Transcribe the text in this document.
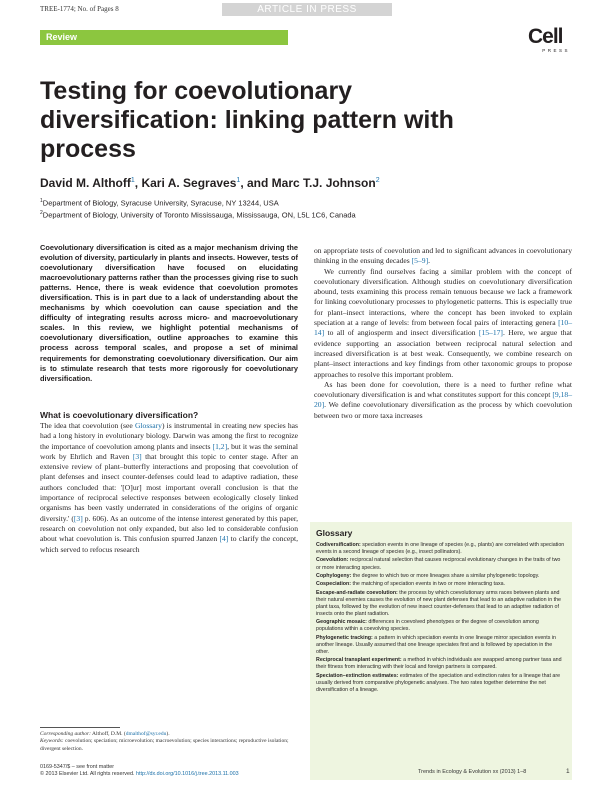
TREE-1774; No. of Pages 8	ARTICLE IN PRESS
Review	Cell
PRESS
Testing for coevolutionary diversification: linking pattern with process
David M. Althoff$^1$, Kari A. Segraves$^1$, and Marc T.J. Johnson$^2$
$^1$Department of Biology, Syracuse University, Syracuse, NY 13244, USA
$^2$Department of Biology, University of Toronto Mississauga, Mississauga, ON, L5L 1C6, Canada

Coevolutionary diversification is cited as a major mechanism driving the evolution of diversity, particularly in plants and insects. However, tests of coevolutionary diversification have focused on elucidating macroevolutionary patterns rather than the processes giving rise to such patterns. Hence, there is weak evidence that coevolution promotes diversification. This is in part due to a lack of understanding about the mechanisms by which coevolution can cause speciation and the difficulty of integrating results across micro- and macroevolutionary scales. In this review, we highlight potential mechanisms of coevolutionary diversification, outline approaches to examine this process across temporal scales, and propose a set of minimal requirements for demonstrating coevolutionary diversification. Our aim is to stimulate research that tests more rigorously for coevolutionary diversification.

What is coevolutionary diversification?

The idea that coevolution (see Glossary) is instrumental in creating new species has had a long history in evolutionary biology. Darwin was among the first to recognize the importance of coevolution among plants and insects [1,2], but it was the seminal work by Ehrlich and Raven [3] that brought this topic to center stage. After an extensive review of plant–butterfly interactions and proposing that coevolution of plant defenses and insect counter-defenses could lead to adaptive radiation, these authors concluded that: '[O]ur] most important overall conclusion is that the importance of reciprocal selective responses between ecologically closely linked organisms has been vastly underrated in considerations of the origins of organic diversity.' ([3] p. 606). As an outcome of the intense interest generated by this paper, research on coevolution not only expanded, but also led to considerable confusion about what coevolution is. This confusion spurred Janzen [4] to clarify the concept, which served to refocus research

on appropriate tests of coevolution and led to significant advances in coevolutionary thinking in the ensuing decades [5–9].

We currently find ourselves facing a similar problem with the concept of coevolutionary diversification. Although studies on coevolutionary diversification abound, tests examining this process remain tenuous because we lack a framework for linking coevolutionary processes to phylogenetic patterns. This is especially true for plant–insect interactions, where the concept has been invoked to explain speciation at a range of levels: from between focal pairs of interacting genera [10–14] to all of angiosperm and insect diversification [15–17]. Here, we argue that evidence supporting an association between reciprocal natural selection and increased diversification is at best weak. Consequently, we combine research on plant–insect interactions and key findings from other taxonomic groups to propose approaches to resolve this important problem.

As has been done for coevolution, there is a need to further refine what coevolutionary diversification is and what constitutes support for this concept [9,18–20]. We define coevolutionary diversification as the process by which coevolution between two or more taxa increases

Corresponding author: Althoff, D.M. (dmalthof@syr.edu).

Keywords: coevolution; speciation; microevolution; macroevolution; species interactions; reproductive isolation; divergent selection.

0169-5347/$ – see front matter

© 2013 Elsevier Ltd. All rights reserved. http://dx.doi.org/10.1016/j.tree.2013.11.003

Glossary

Codiversification: speciation events in one lineage of species (e.g., plants) are correlated with speciation events in a second lineage of species (e.g., insect pollinators).

Coevolution: reciprocal natural selection that causes reciprocal evolutionary changes in the traits of two or more interacting species.

Cophylogeny: the degree to which two or more lineages share a similar phylogenetic topology.

Cospeciation: the matching of speciation events in two or more interacting taxa.

Escape-and-radiate coevolution: the process by which coevolutionary arms races between plants and their natural enemies causes the evolution of new plant defenses that lead to an adaptive radiation in the plant taxa, followed by the evolution of new insect counter-defenses that lead to an adaptive radiation of insects onto the plant radiation.

Geographic mosaic: differences in coevolved phenotypes or the degree of coevolution among populations within a coevolving species.

Phylogenetic tracking: a pattern in which speciation events in one lineage mirror speciation events in another lineage. Usually assumed that one lineage speciates first and is followed by speciation in the other.

Reciprocal transplant experiment: a method in which individuals are swapped among partner taxa and their fitness from interacting with their local and foreign partners is compared.

Speciation–extinction estimates: estimates of the speciation and extinction rates for a lineage that are usually derived from comparative phylogenetic analyses. The two rates together determine the net diversification of a lineage.

Trends in Ecology & Evolution xx (2013) 1–8	1
